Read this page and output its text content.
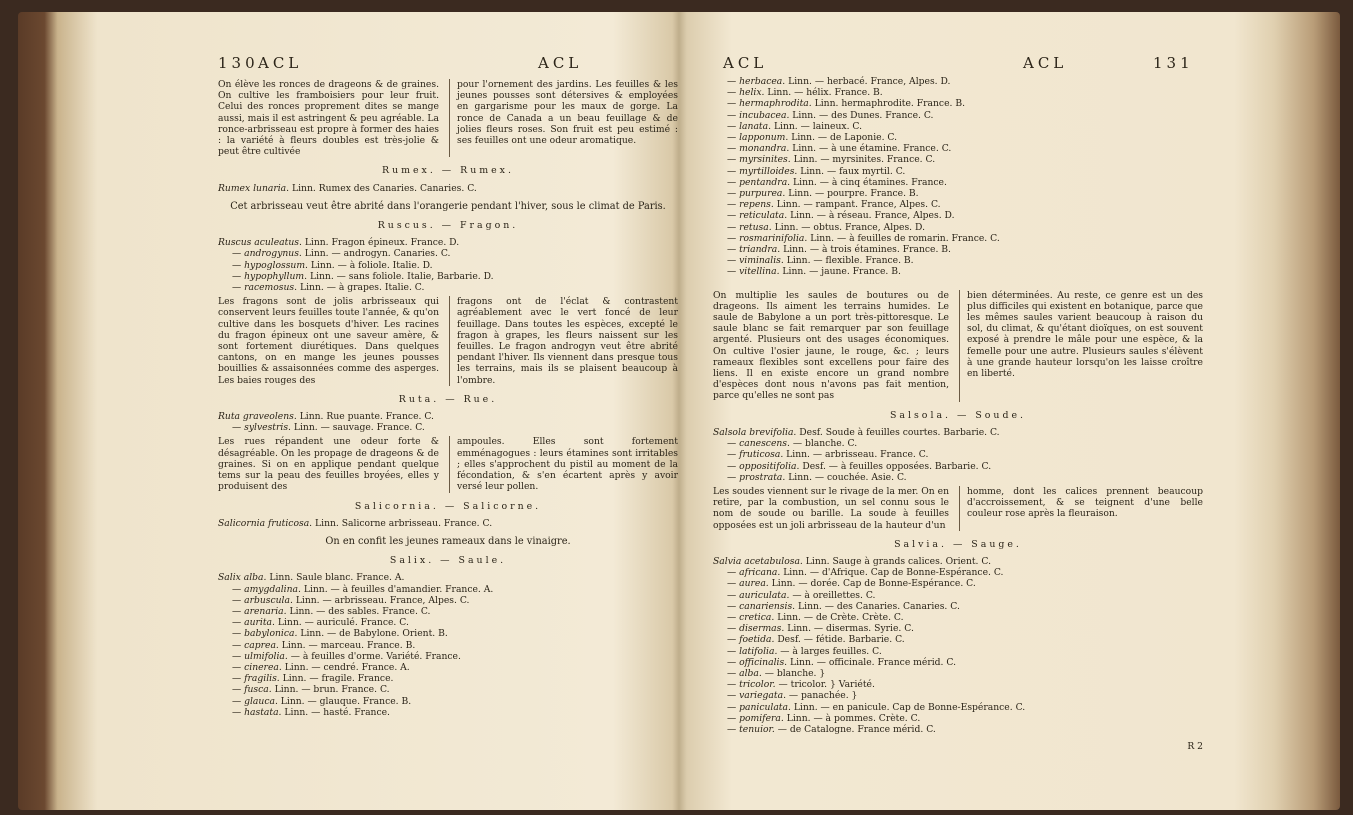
130 ACL	ACL
On élève les ronces de drageons & de graines. On cultive les framboisiers pour leur fruit. Celui des ronces proprement dites se mange aussi, mais il est astringent & peu agréable. La ronce-arbrisseau est propre à former des haies : la variété à fleurs doubles est très-jolie & peut être cultivée
pour l'ornement des jardins. Les feuilles & les jeunes pousses sont détersives & employées en gargarisme pour les maux de gorge. La ronce de Canada a un beau feuillage & de jolies fleurs roses. Son fruit est peu estimé : ses feuilles ont une odeur aromatique.
Rumex. — Rumex.

Rumex lunaria. Linn. Rumex des Canaries. Canaries. C.

Cet arbrisseau veut être abrité dans l'orangerie pendant l'hiver, sous le climat de Paris.
Ruscus. — Fragon.

Ruscus aculeatus. Linn. Fragon épineux. France. D.

— androgynus. Linn. — androgyn. Canaries. C.

— hypoglossum. Linn. — à foliole. Italie. D.

— hypophyllum. Linn. — sans foliole. Italie, Barbarie. D.

— racemosus. Linn. — à grapes. Italie. C.

Les fragons sont de jolis arbrisseaux qui conservent leurs feuilles toute l'année, & qu'on cultive dans les bosquets d'hiver. Les racines du fragon épineux ont une saveur amère, & sont fortement diurétiques. Dans quelques cantons, on en mange les jeunes pousses bouillies & assaisonnées comme des asperges. Les baies rouges des
fragons ont de l'éclat & contrastent agréablement avec le vert foncé de leur feuillage. Dans toutes les espèces, excepté le fragon à grapes, les fleurs naissent sur les feuilles. Le fragon androgyn veut être abrité pendant l'hiver. Ils viennent dans presque tous les terrains, mais ils se plaisent beaucoup à l'ombre.
Ruta. — Rue.

Ruta graveolens. Linn. Rue puante. France. C.

— sylvestris. Linn. — sauvage. France. C.

Les rues répandent une odeur forte & désagréable. On les propage de drageons & de graines. Si on en applique pendant quelque tems sur la peau des feuilles broyées, elles y produisent des
ampoules. Elles sont fortement emménagogues : leurs étamines sont irritables ; elles s'approchent du pistil au moment de la fécondation, & s'en écartent après y avoir versé leur pollen.
Salicornia. — Salicorne.

Salicornia fruticosa. Linn. Salicorne arbrisseau. France. C.

On en confit les jeunes rameaux dans le vinaigre.
Salix. — Saule.

Salix alba. Linn. Saule blanc. France. A.

— amygdalina. Linn. — à feuilles d'amandier. France. A.

— arbuscula. Linn. — arbrisseau. France, Alpes. C.

— arenaria. Linn. — des sables. France. C.

— aurita. Linn. — auriculé. France. C.

— babylonica. Linn. — de Babylone. Orient. B.

— caprea. Linn. — marceau. France. B.

— ulmifolia. — à feuilles d'orme. Variété. France.

— cinerea. Linn. — cendré. France. A.

— fragilis. Linn. — fragile. France.

— fusca. Linn. — brun. France. C.

— glauca. Linn. — glauque. France. B.

— hastata. Linn. — hasté. France.

ACL	ACL	131

— herbacea. Linn. — herbacé. France, Alpes. D.

— helix. Linn. — hélix. France. B.

— hermaphrodita. Linn. hermaphrodite. France. B.

— incubacea. Linn. — des Dunes. France. C.

— lanata. Linn. — laineux. C.

— lapponum. Linn. — de Laponie. C.

— monandra. Linn. — à une étamine. France. C.

— myrsinites. Linn. — myrsinites. France. C.

— myrtilloides. Linn. — faux myrtil. C.

— pentandra. Linn. — à cinq étamines. France.

— purpurea. Linn. — pourpre. France. B.

— repens. Linn. — rampant. France, Alpes. C.

— reticulata. Linn. — à réseau. France, Alpes. D.

— retusa. Linn. — obtus. France, Alpes. D.

— rosmarinifolia. Linn. — à feuilles de romarin. France. C.

— triandra. Linn. — à trois étamines. France. B.

— viminalis. Linn. — flexible. France. B.

— vitellina. Linn. — jaune. France. B.

On multiplie les saules de boutures ou de drageons. Ils aiment les terrains humides. Le saule de Babylone a un port très-pittoresque. Le saule blanc se fait remarquer par son feuillage argenté. Plusieurs ont des usages économiques. On cultive l'osier jaune, le rouge, &c. ; leurs rameaux flexibles sont excellens pour faire des liens. Il en existe encore un grand nombre d'espèces dont nous n'avons pas fait mention, parce qu'elles ne sont pas
bien déterminées. Au reste, ce genre est un des plus difficiles qui existent en botanique, parce que les mêmes saules varient beaucoup à raison du sol, du climat, & qu'étant dioïques, on est souvent exposé à prendre le mâle pour une espèce, & la femelle pour une autre. Plusieurs saules s'élèvent à une grande hauteur lorsqu'on les laisse croître en liberté.
Salsola. — Soude.

Salsola brevifolia. Desf. Soude à feuilles courtes. Barbarie. C.

— canescens. — blanche. C.

— fruticosa. Linn. — arbrisseau. France. C.

— oppositifolia. Desf. — à feuilles opposées. Barbarie. C.

— prostrata. Linn. — couchée. Asie. C.

Les soudes viennent sur le rivage de la mer. On en retire, par la combustion, un sel connu sous le nom de soude ou barille. La soude à feuilles opposées est un joli arbrisseau de la hauteur d'un
homme, dont les calices prennent beaucoup d'accroissement, & se teignent d'une belle couleur rose après la fleuraison.
Salvia. — Sauge.

Salvia acetabulosa. Linn. Sauge à grands calices. Orient. C.

— africana. Linn. — d'Afrique. Cap de Bonne-Espérance. C.

— aurea. Linn. — dorée. Cap de Bonne-Espérance. C.

— auriculata. — à oreillettes. C.

— canariensis. Linn. — des Canaries. Canaries. C.

— cretica. Linn. — de Crète. Crète. C.

— disermas. Linn. — disermas. Syrie. C.

— foetida. Desf. — fétide. Barbarie. C.

— latifolia. — à larges feuilles. C.

— officinalis. Linn. — officinale. France mérid. C.

— alba. — blanche. }

— tricolor. — tricolor. } Variété.

— variegata. — panachée. }

— paniculata. Linn. — en panicule. Cap de Bonne-Espérance. C.

— pomifera. Linn. — à pommes. Crète. C.

— tenuior. — de Catalogne. France mérid. C.

R 2
